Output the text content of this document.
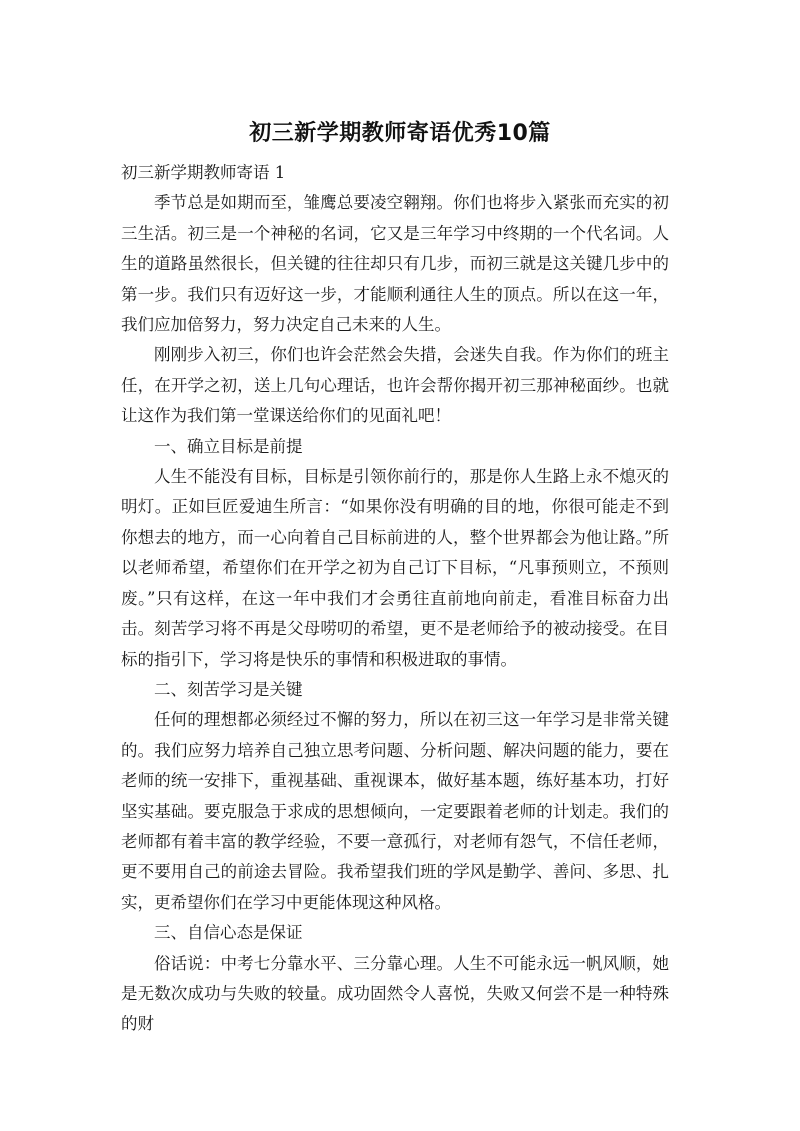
初三新学期教师寄语优秀10篇

初三新学期教师寄语 1

季节总是如期而至，雏鹰总要凌空翱翔。你们也将步入紧张而充实的初三生活。初三是一个神秘的名词，它又是三年学习中终期的一个代名词。人生的道路虽然很长，但关键的往往却只有几步，而初三就是这关键几步中的第一步。我们只有迈好这一步，才能顺利通往人生的顶点。所以在这一年，我们应加倍努力，努力决定自己未来的人生。

刚刚步入初三，你们也许会茫然会失措，会迷失自我。作为你们的班主任，在开学之初，送上几句心理话，也许会帮你揭开初三那神秘面纱。也就让这作为我们第一堂课送给你们的见面礼吧！

一、确立目标是前提

人生不能没有目标，目标是引领你前行的，那是你人生路上永不熄灭的明灯。正如巨匠爱迪生所言：“如果你没有明确的目的地，你很可能走不到你想去的地方，而一心向着自己目标前进的人，整个世界都会为他让路。”所以老师希望，希望你们在开学之初为自己订下目标，“凡事预则立，不预则废。”只有这样，在这一年中我们才会勇往直前地向前走，看准目标奋力出击。刻苦学习将不再是父母唠叨的希望，更不是老师给予的被动接受。在目标的指引下，学习将是快乐的事情和积极进取的事情。

二、刻苦学习是关键

任何的理想都必须经过不懈的努力，所以在初三这一年学习是非常关键的。我们应努力培养自己独立思考问题、分析问题、解决问题的能力，要在老师的统一安排下，重视基础、重视课本，做好基本题，练好基本功，打好坚实基础。要克服急于求成的思想倾向，一定要跟着老师的计划走。我们的老师都有着丰富的教学经验，不要一意孤行，对老师有怨气，不信任老师，更不要用自己的前途去冒险。我希望我们班的学风是勤学、善问、多思、扎实，更希望你们在学习中更能体现这种风格。

三、自信心态是保证

俗话说：中考七分靠水平、三分靠心理。人生不可能永远一帆风顺，她是无数次成功与失败的较量。成功固然令人喜悦，失败又何尝不是一种特殊的财
